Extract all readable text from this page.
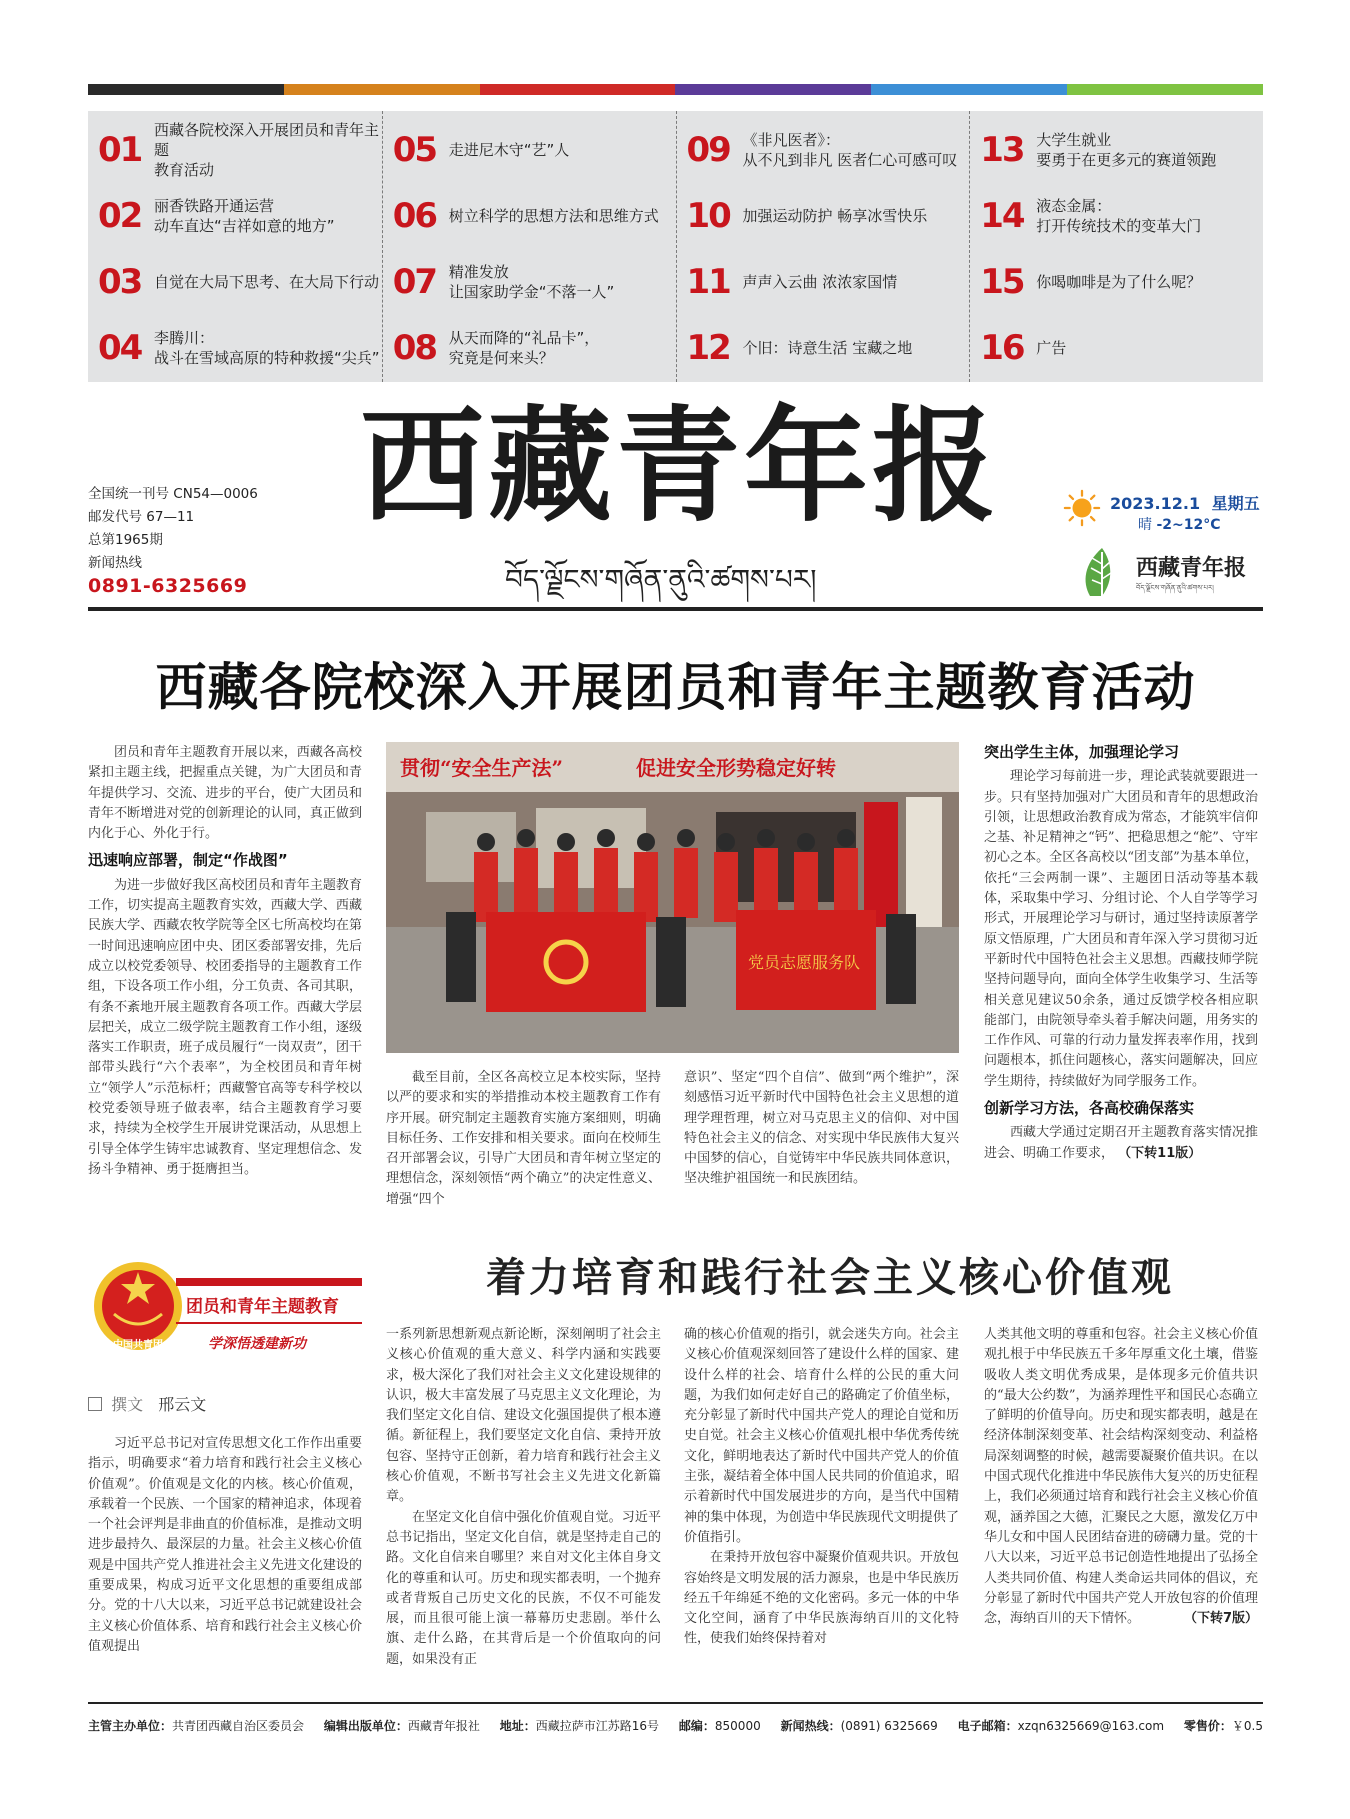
01 西藏各院校深入开展团员和青年主题
教育活动
02 丽香铁路开通运营
动车直达“吉祥如意的地方”
03 自觉在大局下思考、在大局下行动
04 李腾川：
战斗在雪域高原的特种救援“尖兵”
05 走进尼木守“艺”人
06 树立科学的思想方法和思维方式
07 精准发放
让国家助学金“不落一人”
08 从天而降的“礼品卡”，
究竟是何来头？
09 《非凡医者》：
从不凡到非凡 医者仁心可感可叹
10 加强运动防护 畅享冰雪快乐
11 声声入云曲 浓浓家国情
12 个旧：诗意生活 宝藏之地
13 大学生就业
要勇于在更多元的赛道领跑
14 液态金属：
打开传统技术的变革大门
15 你喝咖啡是为了什么呢？
16 广告
全国统一刊号 CN54—0006
邮发代号 67—11
总第1965期
新闻热线
0891-6325669
西藏青年报
བོད་ལྗོངས་གཞོན་ནུའི་ཚགས་པར།
2023.12.1 星期五
晴 -2~12°C
西藏青年报
བོད་ལྗོངས་གཞོན་ནུའི་ཚགས་པར།
西藏各院校深入开展团员和青年主题教育活动

团员和青年主题教育开展以来，西藏各高校紧扣主题主线，把握重点关键，为广大团员和青年提供学习、交流、进步的平台，使广大团员和青年不断增进对党的创新理论的认同，真正做到内化于心、外化于行。

迅速响应部署，制定“作战图”

为进一步做好我区高校团员和青年主题教育工作，切实提高主题教育实效，西藏大学、西藏民族大学、西藏农牧学院等全区七所高校均在第一时间迅速响应团中央、团区委部署安排，先后成立以校党委领导、校团委指导的主题教育工作组，下设各项工作小组，分工负责、各司其职，有条不紊地开展主题教育各项工作。西藏大学层层把关，成立二级学院主题教育工作小组，逐级落实工作职责，班子成员履行“一岗双责”，团干部带头践行“六个表率”，为全校团员和青年树立“领学人”示范标杆；西藏警官高等专科学校以校党委领导班子做表率，结合主题教育学习要求，持续为全校学生开展讲党课活动，从思想上引导全体学生铸牢忠诚教育、坚定理想信念、发扬斗争精神、勇于挺膺担当。

贯彻“安全生产法”	促进安全形势稳定好转
党员志愿服务队

截至目前，全区各高校立足本校实际，坚持以严的要求和实的举措推动本校主题教育工作有序开展。研究制定主题教育实施方案细则，明确目标任务、工作安排和相关要求。面向在校师生召开部署会议，引导广大团员和青年树立坚定的理想信念，深刻领悟“两个确立”的决定性意义、增强“四个

意识”、坚定“四个自信”、做到“两个维护”，深刻感悟习近平新时代中国特色社会主义思想的道理学理哲理，树立对马克思主义的信仰、对中国特色社会主义的信念、对实现中华民族伟大复兴中国梦的信心，自觉铸牢中华民族共同体意识，坚决维护祖国统一和民族团结。

突出学生主体，加强理论学习

理论学习每前进一步，理论武装就要跟进一步。只有坚持加强对广大团员和青年的思想政治引领，让思想政治教育成为常态，才能筑牢信仰之基、补足精神之“钙”、把稳思想之“舵”、守牢初心之本。全区各高校以“团支部”为基本单位，依托“三会两制一课”、主题团日活动等基本载体，采取集中学习、分组讨论、个人自学等学习形式，开展理论学习与研讨，通过坚持读原著学原文悟原理，广大团员和青年深入学习贯彻习近平新时代中国特色社会主义思想。西藏技师学院坚持问题导向，面向全体学生收集学习、生活等相关意见建议50余条，通过反馈学校各相应职能部门，由院领导牵头着手解决问题，用务实的工作作风、可靠的行动力量发挥表率作用，找到问题根本，抓住问题核心，落实问题解决，回应学生期待，持续做好为同学服务工作。

创新学习方法，各高校确保落实

西藏大学通过定期召开主题教育落实情况推进会、明确工作要求， （下转11版）

中国共青团
团员和青年主题教育
学深悟透建新功
着力培育和践行社会主义核心价值观
撰文 邢云文

习近平总书记对宣传思想文化工作作出重要指示，明确要求“着力培育和践行社会主义核心价值观”。价值观是文化的内核。核心价值观，承载着一个民族、一个国家的精神追求，体现着一个社会评判是非曲直的价值标准，是推动文明进步最持久、最深层的力量。社会主义核心价值观是中国共产党人推进社会主义先进文化建设的重要成果，构成习近平文化思想的重要组成部分。党的十八大以来，习近平总书记就建设社会主义核心价值体系、培育和践行社会主义核心价值观提出

一系列新思想新观点新论断，深刻阐明了社会主义核心价值观的重大意义、科学内涵和实践要求，极大深化了我们对社会主义文化建设规律的认识，极大丰富发展了马克思主义文化理论，为我们坚定文化自信、建设文化强国提供了根本遵循。新征程上，我们要坚定文化自信、秉持开放包容、坚持守正创新，着力培育和践行社会主义核心价值观，不断书写社会主义先进文化新篇章。

在坚定文化自信中强化价值观自觉。习近平总书记指出，坚定文化自信，就是坚持走自己的路。文化自信来自哪里？来自对文化主体自身文化的尊重和认可。历史和现实都表明，一个抛弃或者背叛自己历史文化的民族，不仅不可能发展，而且很可能上演一幕幕历史悲剧。举什么旗、走什么路，在其背后是一个价值取向的问题，如果没有正

确的核心价值观的指引，就会迷失方向。社会主义核心价值观深刻回答了建设什么样的国家、建设什么样的社会、培育什么样的公民的重大问题，为我们如何走好自己的路确定了价值坐标，充分彰显了新时代中国共产党人的理论自觉和历史自觉。社会主义核心价值观扎根中华优秀传统文化，鲜明地表达了新时代中国共产党人的价值主张，凝结着全体中国人民共同的价值追求，昭示着新时代中国发展进步的方向，是当代中国精神的集中体现，为创造中华民族现代文明提供了价值指引。

在秉持开放包容中凝聚价值观共识。开放包容始终是文明发展的活力源泉，也是中华民族历经五千年绵延不绝的文化密码。多元一体的中华文化空间，涵育了中华民族海纳百川的文化特性，使我们始终保持着对

人类其他文明的尊重和包容。社会主义核心价值观扎根于中华民族五千多年厚重文化土壤，借鉴吸收人类文明优秀成果，是体现多元价值共识的“最大公约数”，为涵养理性平和国民心态确立了鲜明的价值导向。历史和现实都表明，越是在经济体制深刻变革、社会结构深刻变动、利益格局深刻调整的时候，越需要凝聚价值共识。在以中国式现代化推进中华民族伟大复兴的历史征程上，我们必须通过培育和践行社会主义核心价值观，涵养国之大德，汇聚民之大愿，激发亿万中华儿女和中国人民团结奋进的磅礴力量。党的十八大以来，习近平总书记创造性地提出了弘扬全人类共同价值、构建人类命运共同体的倡议，充分彰显了新时代中国共产党人开放包容的价值理念，海纳百川的天下情怀。	（下转7版）

主管主办单位：共青团西藏自治区委员会 编辑出版单位：西藏青年报社 地址：西藏拉萨市江苏路16号 邮编：850000 新闻热线：(0891) 6325669 电子邮箱：xzqn6325669@163.com 零售价：￥0.5
